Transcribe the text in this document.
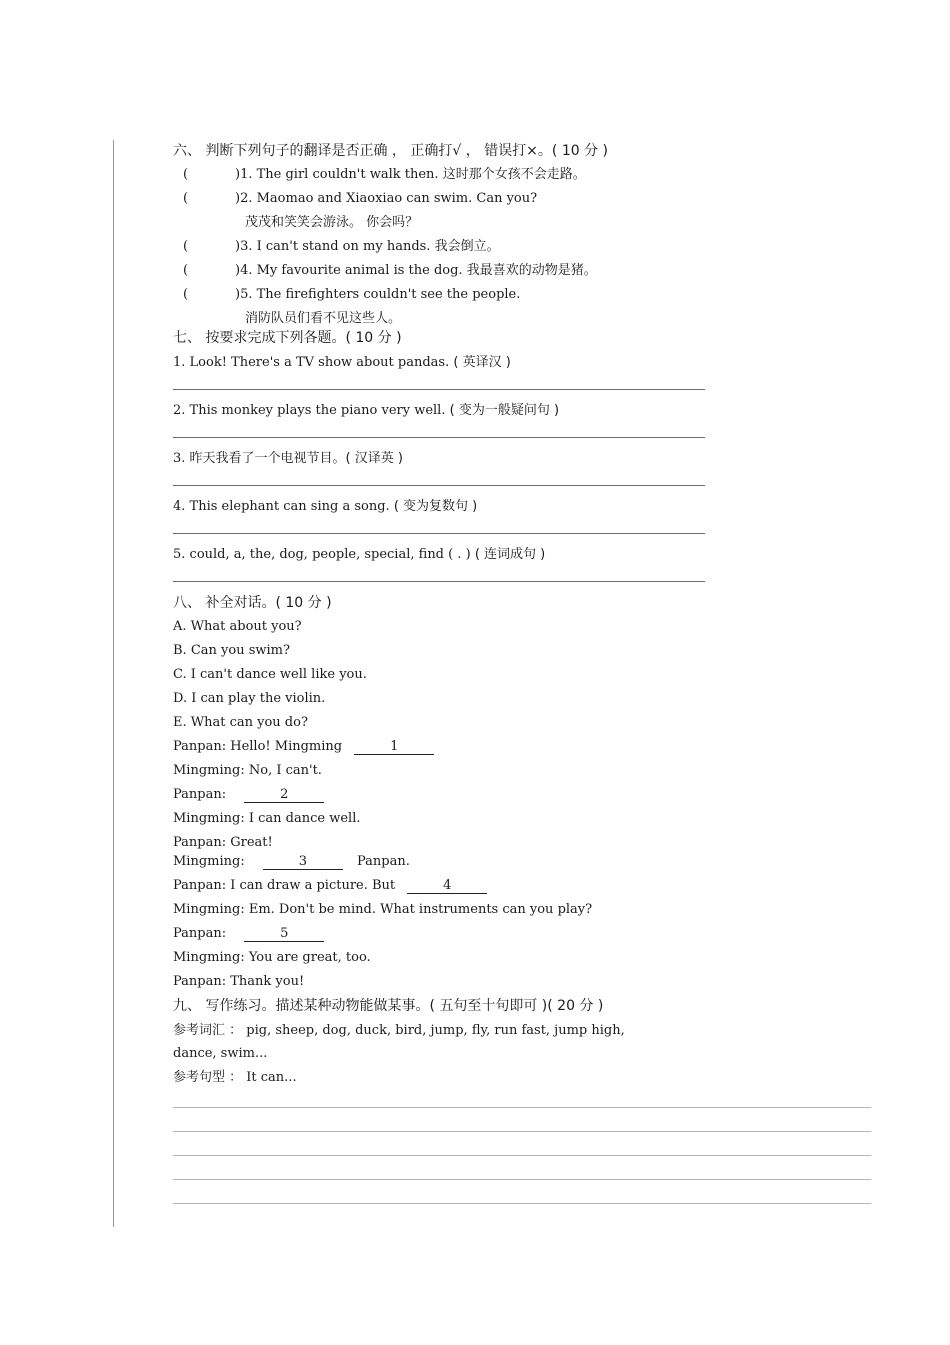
六、 判断下列句子的翻译是否正确 ， 正确打√ ， 错误打×。( 10 分 )
(	)1. The girl couldn't walk then. 这时那个女孩不会走路。
(	)2. Maomao and Xiaoxiao can swim. Can you?
茂茂和笑笑会游泳。 你会吗？
(	)3. I can't stand on my hands. 我会倒立。
(	)4. My favourite animal is the dog. 我最喜欢的动物是猪。
(	)5. The firefighters couldn't see the people.
消防队员们看不见这些人。
七、 按要求完成下列各题。( 10 分 )
1. Look! There's a TV show about pandas. ( 英译汉 )
2. This monkey plays the piano very well. ( 变为一般疑问句 )
3. 昨天我看了一个电视节目。( 汉译英 )
4. This elephant can sing a song. ( 变为复数句 )
5. could, a, the, dog, people, special, find ( . ) ( 连词成句 )
八、 补全对话。( 10 分 )
A. What about you?
B. Can you swim?
C. I can't dance well like you.
D. I can play the violin.
E. What can you do?
Panpan: Hello! Mingming	1
Mingming: No, I can't.
Panpan:	2
Mingming: I can dance well.
Panpan: Great!
Mingming:	3	Panpan.
Panpan: I can draw a picture. But	4
Mingming: Em. Don't be mind. What instruments can you play?
Panpan:	5
Mingming: You are great, too.
Panpan: Thank you!
九、 写作练习。描述某种动物能做某事。( 五句至十句即可 )( 20 分 )
参考词汇 ： pig, sheep, dog, duck, bird, jump, fly, run fast, jump high,
dance, swim...
参考句型 ： It can...
